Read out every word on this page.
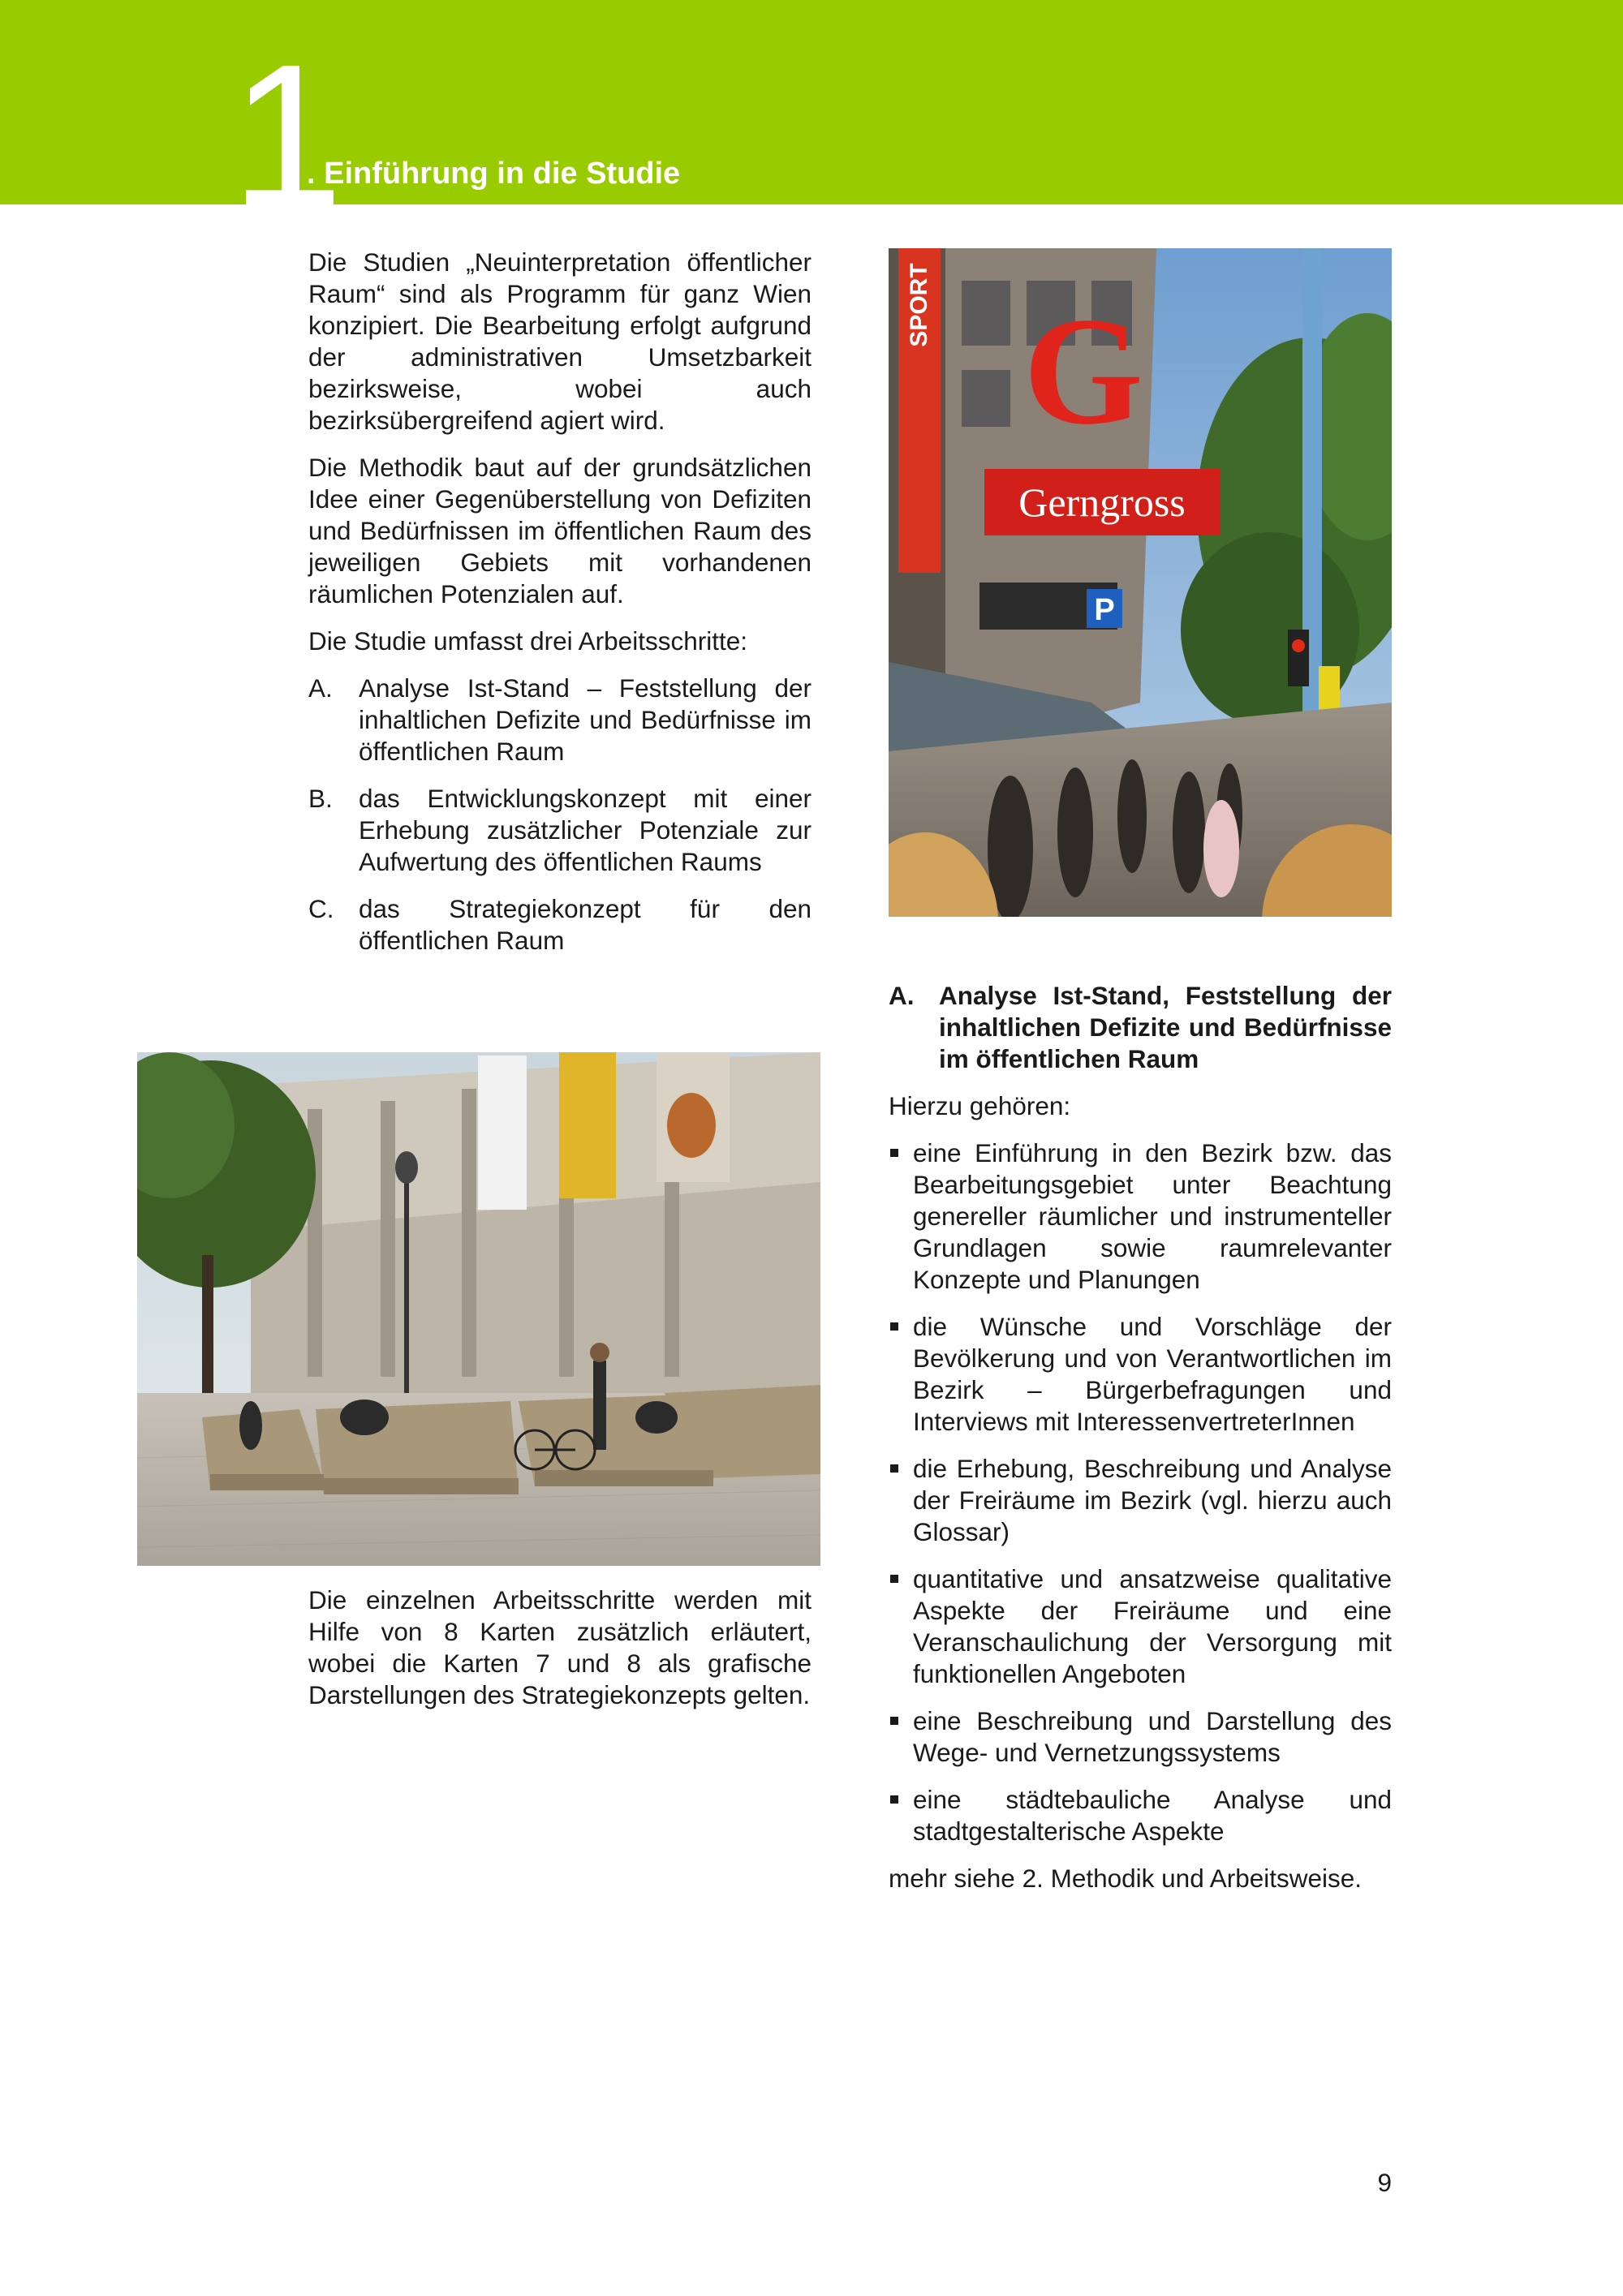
1
. Einführung in die Studie

Die Studien „Neuinterpretation öffentlicher Raum“ sind als Programm für ganz Wien konzipiert. Die Bearbeitung erfolgt aufgrund der administrativen Umsetzbarkeit bezirksweise, wobei auch bezirksübergreifend agiert wird.

Die Methodik baut auf der grundsätzlichen Idee einer Gegenüberstellung von Defiziten und Bedürfnissen im öffentlichen Raum des jeweiligen Gebiets mit vorhandenen räumlichen Potenzialen auf.

Die Studie umfasst drei Arbeitsschritte:

A. Analyse Ist-Stand – Feststellung der inhaltlichen Defizite und Bedürfnisse im öffentlichen Raum
B. das Entwicklungskonzept mit einer Erhebung zusätzlicher Potenziale zur Aufwertung des öffentlichen Raums
C. das Strategiekonzept für den öffentlichen Raum
SPORT G
Gerngross
P

Die einzelnen Arbeitsschritte werden mit Hilfe von 8 Karten zusätzlich erläutert, wobei die Karten 7 und 8 als grafische Darstellungen des Strategiekonzepts gelten.

A. Analyse Ist-Stand, Feststellung der inhaltlichen Defizite und Bedürfnisse im öffentlichen Raum

Hierzu gehören:

eine Einführung in den Bezirk bzw. das Bearbeitungsgebiet unter Beachtung genereller räumlicher und instrumenteller Grundlagen sowie raumrelevanter Konzepte und Planungen
die Wünsche und Vorschläge der Bevölkerung und von Verantwortlichen im Bezirk – Bürgerbefragungen und Interviews mit InteressenvertreterInnen
die Erhebung, Beschreibung und Analyse der Freiräume im Bezirk (vgl. hierzu auch Glossar)
quantitative und ansatzweise qualitative Aspekte der Freiräume und eine Veranschaulichung der Versorgung mit funktionellen Angeboten
eine Beschreibung und Darstellung des Wege- und Vernetzungssystems
eine städtebauliche Analyse und stadtgestalterische Aspekte

mehr siehe 2. Methodik und Arbeitsweise.

9
